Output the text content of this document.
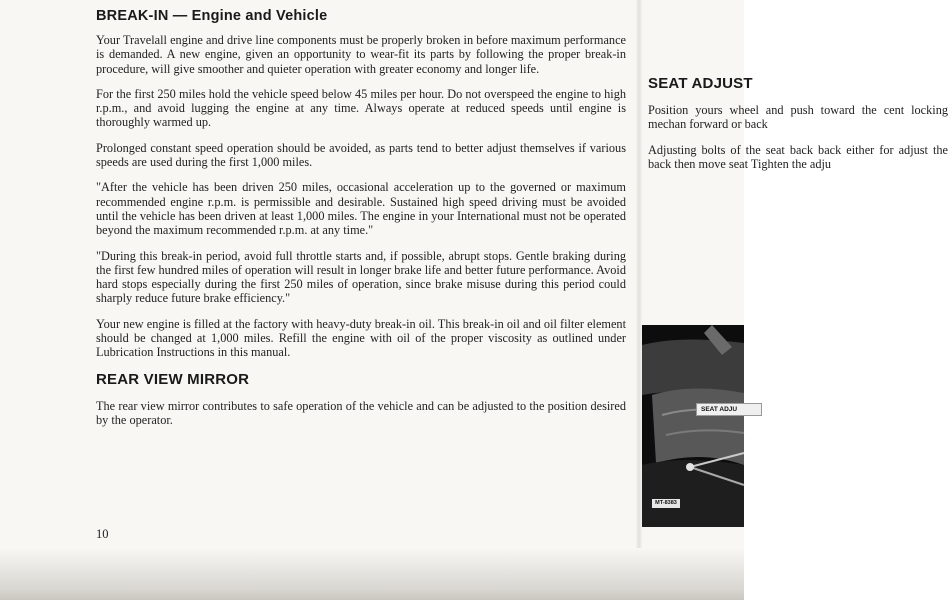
BREAK-IN — Engine and Vehicle

Your Travelall engine and drive line components must be properly broken in before maximum performance is demanded. A new engine, given an opportunity to wear-fit its parts by following the proper break-in procedure, will give smoother and quieter operation with greater economy and longer life.

For the first 250 miles hold the vehicle speed below 45 miles per hour. Do not overspeed the engine to high r.p.m., and avoid lugging the engine at any time. Always operate at reduced speeds until engine is thoroughly warmed up.

Prolonged constant speed operation should be avoided, as parts tend to better adjust themselves if various speeds are used during the first 1,000 miles.

"After the vehicle has been driven 250 miles, occasional acceleration up to the governed or maximum recommended engine r.p.m. is permissible and desirable. Sustained high speed driving must be avoided until the vehicle has been driven at least 1,000 miles. The engine in your International must not be operated beyond the maximum recommended r.p.m. at any time."

"During this break-in period, avoid full throttle starts and, if possible, abrupt stops. Gentle braking during the first few hundred miles of operation will result in longer brake life and better future performance. Avoid hard stops especially during the first 250 miles of operation, since brake misuse during this period could sharply reduce future brake efficiency."

Your new engine is filled at the factory with heavy-duty break-in oil. This break-in oil and oil filter element should be changed at 1,000 miles. Refill the engine with oil of the proper viscosity as outlined under Lubrication Instructions in this manual.

REAR VIEW MIRROR

The rear view mirror contributes to safe operation of the vehicle and can be adjusted to the position desired by the operator.

10
SEAT ADJUST

Position yours wheel and push toward the cent locking mechan forward or back

Adjusting bolts of the seat back back either for adjust the back then move seat Tighten the adju

SEAT ADJU
MT-8383
